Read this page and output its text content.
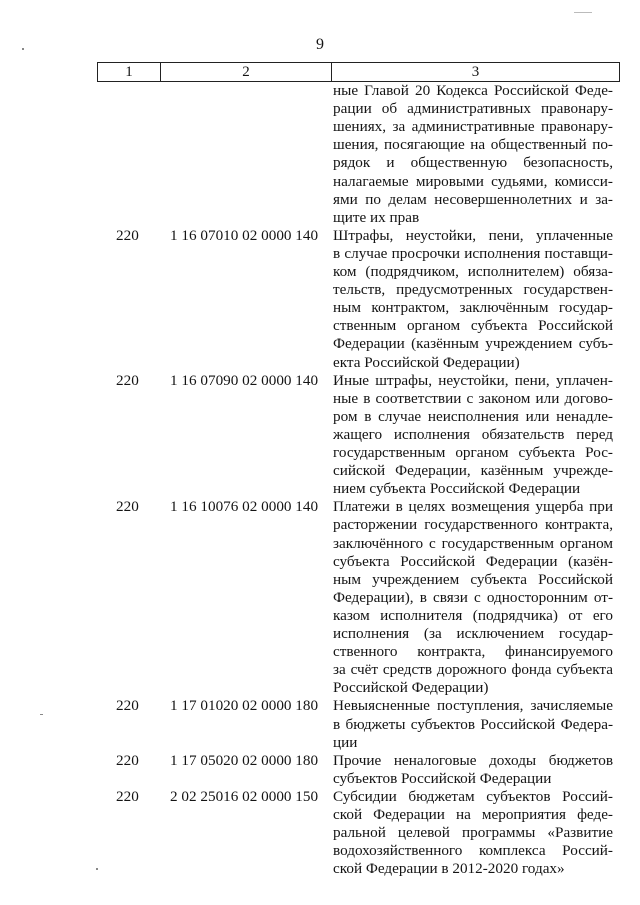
9
1	2	3
ные Главой 20 Кодекса Российской Феде-
рации об административных правонару-
шениях, за административные правонару-
шения, посягающие на общественный по-
рядок и общественную безопасность,
налагаемые мировыми судьями, комисси-
ями по делам несовершеннолетних и за-
щите их прав
220 1 16 07010 02 0000 140 Штрафы, неустойки, пени, уплаченные
в случае просрочки исполнения поставщи-
ком (подрядчиком, исполнителем) обяза-
тельств, предусмотренных государствен-
ным контрактом, заключённым государ-
ственным органом субъекта Российской
Федерации (казённым учреждением субъ-
екта Российской Федерации)
220 1 16 07090 02 0000 140 Иные штрафы, неустойки, пени, уплачен-
ные в соответствии с законом или догово-
ром в случае неисполнения или ненадле-
жащего исполнения обязательств перед
государственным органом субъекта Рос-
сийской Федерации, казённым учрежде-
нием субъекта Российской Федерации
220 1 16 10076 02 0000 140 Платежи в целях возмещения ущерба при
расторжении государственного контракта,
заключённого с государственным органом
субъекта Российской Федерации (казён-
ным учреждением субъекта Российской
Федерации), в связи с односторонним от-
казом исполнителя (подрядчика) от его
исполнения (за исключением государ-
ственного контракта, финансируемого
за счёт средств дорожного фонда субъекта
Российской Федерации)
220 1 17 01020 02 0000 180 Невыясненные поступления, зачисляемые
в бюджеты субъектов Российской Федера-
ции
220 1 17 05020 02 0000 180 Прочие неналоговые доходы бюджетов
субъектов Российской Федерации
220 2 02 25016 02 0000 150 Субсидии бюджетам субъектов Россий-
ской Федерации на мероприятия феде-
ральной целевой программы «Развитие
водохозяйственного комплекса Россий-
ской Федерации в 2012-2020 годах»
